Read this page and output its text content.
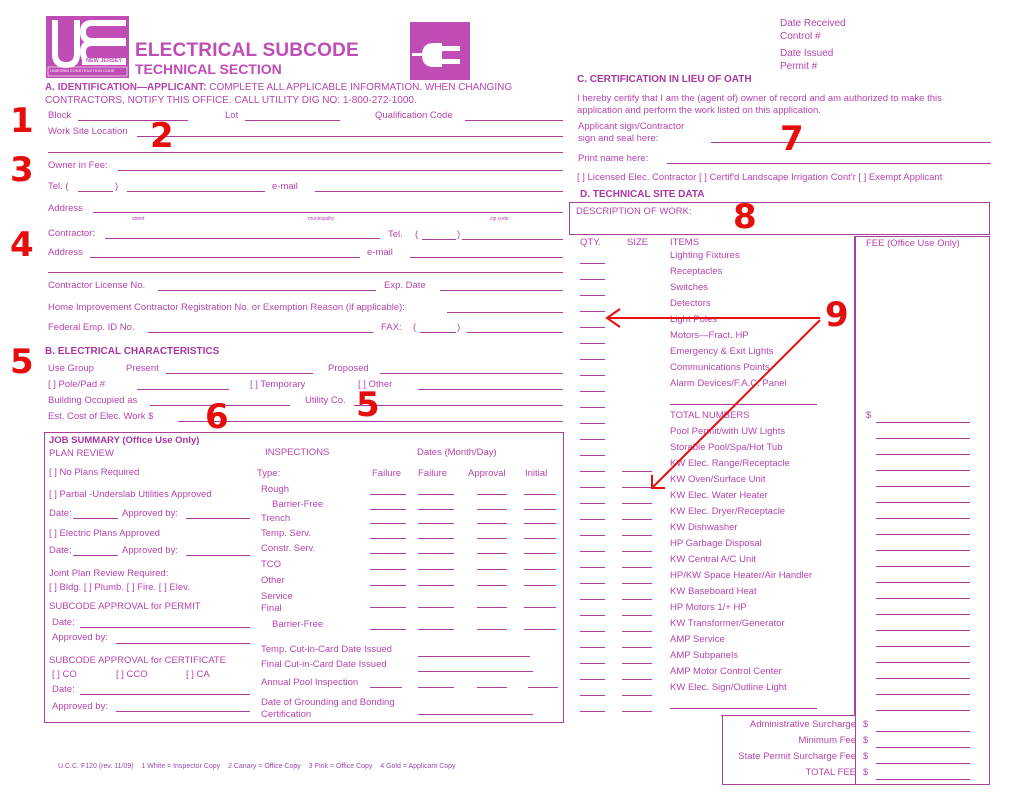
NEW JERSEY
UNIFORM CONSTRUCTION CODE
ELECTRICAL SUBCODE
TECHNICAL SECTION
Date Received
Control #
Date Issued
Permit #
A. IDENTIFICATION—APPLICANT: COMPLETE ALL APPLICABLE INFORMATION. WHEN CHANGING
CONTRACTORS, NOTIFY THIS OFFICE. CALL UTILITY DIG NO: 1-800-272-1000.
Block	Lot	Qualification Code
Work Site Location
Owner in Fee:
Tel. (	)	e-mail
Address
street	municipality	zip code
Contractor:	Tel. (	)
Address	e-mail
Contractor License No.	Exp. Date
Home Improvement Contractor Registration No. or Exemption Reason (if applicable):
Federal Emp. ID No.	FAX: (	)
B. ELECTRICAL CHARACTERISTICS
Use Group	Present	Proposed
[ ] Pole/Pad #	[ ] Temporary	[ ] Other
Building Occupied as	Utility Co.
Est. Cost of Elec. Work $
JOB SUMMARY (Office Use Only)
PLAN REVIEW
[ ] No Plans Required
[ ] Partial -Underslab Utilities Approved
Date:	Approved by:
[ ] Electric Plans Approved
Date:	Approved by:
Joint Plan Review Required:
[ ] Bldg. [ ] Plumb. [ ] Fire. [ ] Elev.
SUBCODE APPROVAL for PERMIT
Date:
Approved by:
SUBCODE APPROVAL for CERTIFICATE
[ ] CO	[ ] CCO	[ ] CA
Date:
Approved by:
INSPECTIONS	Dates (Month/Day)
Type:	Failure Failure Approval Initial
Rough
Barrier-Free
Trench
Temp. Serv.
Constr. Serv.
TCO
Other
Service
Final
Barrier-Free
Temp. Cut-in-Card Date Issued
Final Cut-in-Card Date Issued
Annual Pool Inspection
Date of Grounding and Bonding
Certification
C. CERTIFICATION IN LIEU OF OATH
I hereby certify that I am the (agent of) owner of record and am authorized to make this
application and perform the work listed on this application.
Applicant sign/Contractor
sign and seal here:
Print name here:
[ ] Licensed Elec. Contractor [ ] Certif'd Landscape Irrigation Cont'r [ ] Exempt Applicant
D. TECHNICAL SITE DATA
DESCRIPTION OF WORK:
QTY.	SIZE ITEMS	FEE (Office Use Only)
Lighting Fixtures
Receptacles
Switches
Detectors
Light Poles
Motors—Fract. HP
Emergency & Exit Lights
Communications Points
Alarm Devices/F.A.C. Panel
TOTAL NUMBERS	$
Pool Permit/with UW Lights
Storable Pool/Spa/Hot Tub
KW Elec. Range/Receptacle
KW Oven/Surface Unit
KW Elec. Water Heater
KW Elec. Dryer/Receptacle
KW Dishwasher
HP Garbage Disposal
KW Central A/C Unit
HP/KW Space Heater/Air Handler
KW Baseboard Heat
HP Motors 1/+ HP
KW Transformer/Generator
AMP Service
AMP Subpanels
AMP Motor Control Center
KW Elec. Sign/Outline Light
Administrative Surcharge $
Minimum Fee $
State Permit Surcharge Fee $
TOTAL FEE $
U.C.C. F120 (rev. 11/09) 1 White = Inspector Copy 2 Canary = Office Copy 3 Pink = Office Copy 4 Gold = Applicant Copy
1	2
3
4
5
5
6
7
8
9
